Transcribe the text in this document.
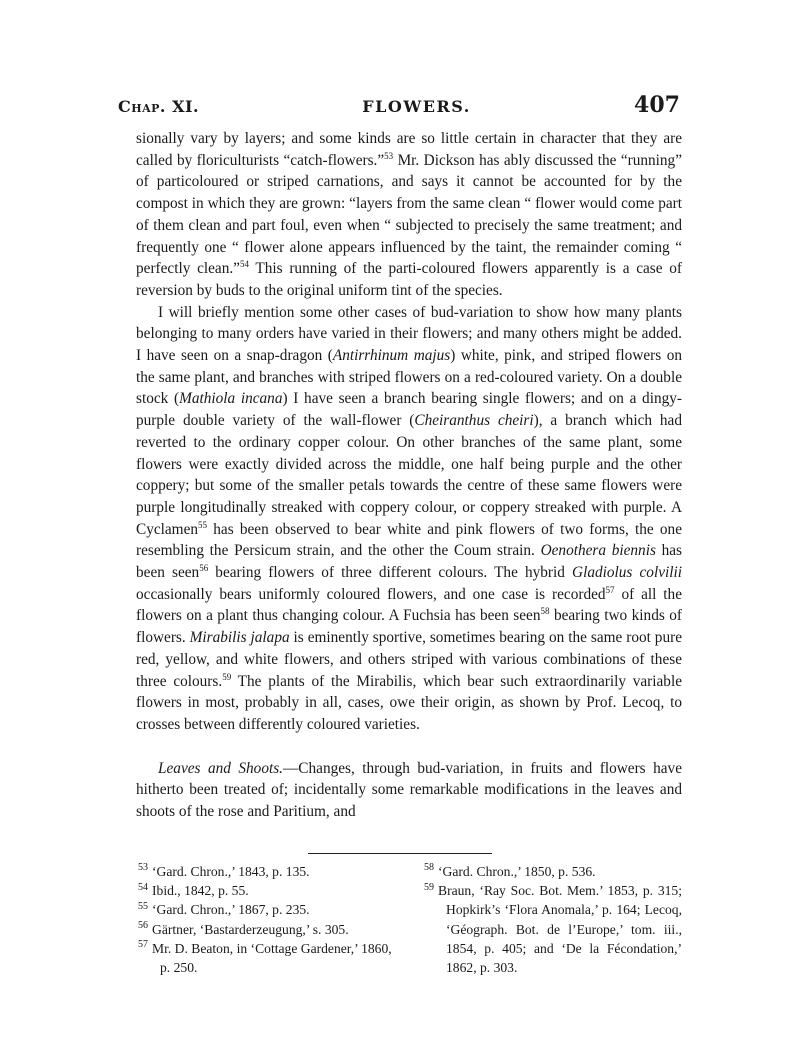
Chap. XI.	FLOWERS.	407

sionally vary by layers; and some kinds are so little certain in character that they are called by floriculturists “catch-flowers.”$^{53}$ Mr. Dickson has ably discussed the “running” of particoloured or striped carnations, and says it cannot be accounted for by the compost in which they are grown: “layers from the same clean “ flower would come part of them clean and part foul, even when “ subjected to precisely the same treatment; and frequently one “ flower alone appears influenced by the taint, the remainder coming “ perfectly clean.”$^{54}$ This running of the parti-coloured flowers apparently is a case of reversion by buds to the original uniform tint of the species.

I will briefly mention some other cases of bud-variation to show how many plants belonging to many orders have varied in their flowers; and many others might be added. I have seen on a snap-dragon (Antirrhinum majus) white, pink, and striped flowers on the same plant, and branches with striped flowers on a red-coloured variety. On a double stock (Mathiola incana) I have seen a branch bearing single flowers; and on a dingy-purple double variety of the wall-flower (Cheiranthus cheiri), a branch which had reverted to the ordinary copper colour. On other branches of the same plant, some flowers were exactly divided across the middle, one half being purple and the other coppery; but some of the smaller petals towards the centre of these same flowers were purple longitudinally streaked with coppery colour, or coppery streaked with purple. A Cyclamen$^{55}$ has been observed to bear white and pink flowers of two forms, the one resembling the Persicum strain, and the other the Coum strain. Oenothera biennis has been seen$^{56}$ bearing flowers of three different colours. The hybrid Gladiolus colvilii occasionally bears uniformly coloured flowers, and one case is recorded$^{57}$ of all the flowers on a plant thus changing colour. A Fuchsia has been seen$^{58}$ bearing two kinds of flowers. Mirabilis jalapa is eminently sportive, sometimes bearing on the same root pure red, yellow, and white flowers, and others striped with various combinations of these three colours.$^{59}$ The plants of the Mirabilis, which bear such extraordinarily variable flowers in most, probably in all, cases, owe their origin, as shown by Prof. Lecoq, to crosses between differently coloured varieties.

Leaves and Shoots.—Changes, through bud-variation, in fruits and flowers have hitherto been treated of; incidentally some remarkable modifications in the leaves and shoots of the rose and Paritium, and

$^{53}$ ‘Gard. Chron.,’ 1843, p. 135.

$^{54}$ Ibid., 1842, p. 55.

$^{55}$ ‘Gard. Chron.,’ 1867, p. 235.

$^{56}$ Gärtner, ‘Bastarderzeugung,’ s. 305.

$^{57}$ Mr. D. Beaton, in ‘Cottage Gardener,’ 1860, p. 250.

$^{58}$ ‘Gard. Chron.,’ 1850, p. 536.

$^{59}$ Braun, ‘Ray Soc. Bot. Mem.’ 1853, p. 315; Hopkirk’s ‘Flora Anomala,’ p. 164; Lecoq, ‘Géograph. Bot. de l’Europe,’ tom. iii., 1854, p. 405; and ‘De la Fécondation,’ 1862, p. 303.
